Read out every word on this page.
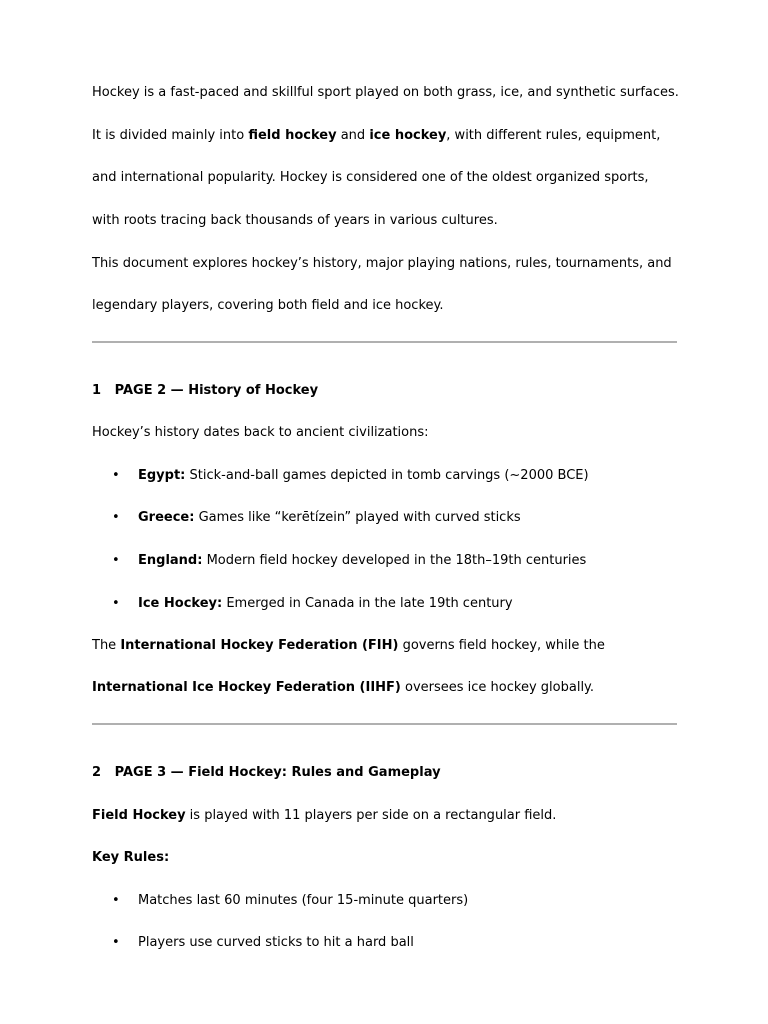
Hockey is a fast-paced and skillful sport played on both grass, ice, and synthetic surfaces.
It is divided mainly into field hockey and ice hockey, with different rules, equipment,
and international popularity. Hockey is considered one of the oldest organized sports,
with roots tracing back thousands of years in various cultures.
This document explores hockey’s history, major playing nations, rules, tournaments, and
legendary players, covering both field and ice hockey.
1 PAGE 2 — History of Hockey
Hockey’s history dates back to ancient civilizations:
• Egypt: Stick-and-ball games depicted in tomb carvings (~2000 BCE)
• Greece: Games like “kerētízein” played with curved sticks
• England: Modern field hockey developed in the 18th–19th centuries
• Ice Hockey: Emerged in Canada in the late 19th century
The International Hockey Federation (FIH) governs field hockey, while the
International Ice Hockey Federation (IIHF) oversees ice hockey globally.
2 PAGE 3 — Field Hockey: Rules and Gameplay
Field Hockey is played with 11 players per side on a rectangular field.
Key Rules:
• Matches last 60 minutes (four 15-minute quarters)
• Players use curved sticks to hit a hard ball
